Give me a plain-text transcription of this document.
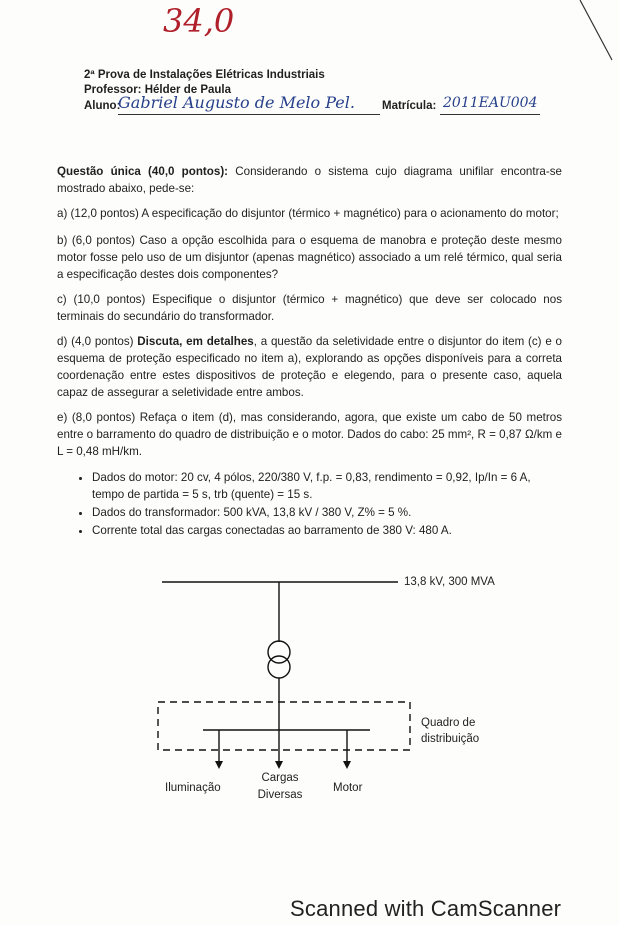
34,0
2ª Prova de Instalações Elétricas Industriais
Professor: Hélder de Paula
Aluno:
Gabriel Augusto de Melo Pel. Matrícula: 2011EAU004
Questão única (40,0 pontos): Considerando o sistema cujo diagrama unifilar encontra-se mostrado abaixo, pede-se:
a) (12,0 pontos) A especificação do disjuntor (térmico + magnético) para o acionamento do motor;
b) (6,0 pontos) Caso a opção escolhida para o esquema de manobra e proteção deste mesmo motor fosse pelo uso de um disjuntor (apenas magnético) associado a um relé térmico, qual seria a especificação destes dois componentes?
c) (10,0 pontos) Especifique o disjuntor (térmico + magnético) que deve ser colocado nos terminais do secundário do transformador.
d) (4,0 pontos) Discuta, em detalhes, a questão da seletividade entre o disjuntor do item (c) e o esquema de proteção especificado no item a), explorando as opções disponíveis para a correta coordenação entre estes dispositivos de proteção e elegendo, para o presente caso, aquela capaz de assegurar a seletividade entre ambos.
e) (8,0 pontos) Refaça o item (d), mas considerando, agora, que existe um cabo de 50 metros entre o barramento do quadro de distribuição e o motor. Dados do cabo: 25 mm², R = 0,87 Ω/km e L = 0,48 mH/km.
• Dados do motor: 20 cv, 4 pólos, 220/380 V, f.p. = 0,83, rendimento = 0,92, Ip/In = 6 A, tempo de partida = 5 s, trb (quente) = 15 s.
• Dados do transformador: 500 kVA, 13,8 kV / 380 V, Z% = 5 %.
• Corrente total das cargas conectadas ao barramento de 380 V: 480 A.
13,8 kV, 300 MVA
Quadro de
distribuição
Iluminação
Cargas
Diversas
Motor
Scanned with CamScanner
